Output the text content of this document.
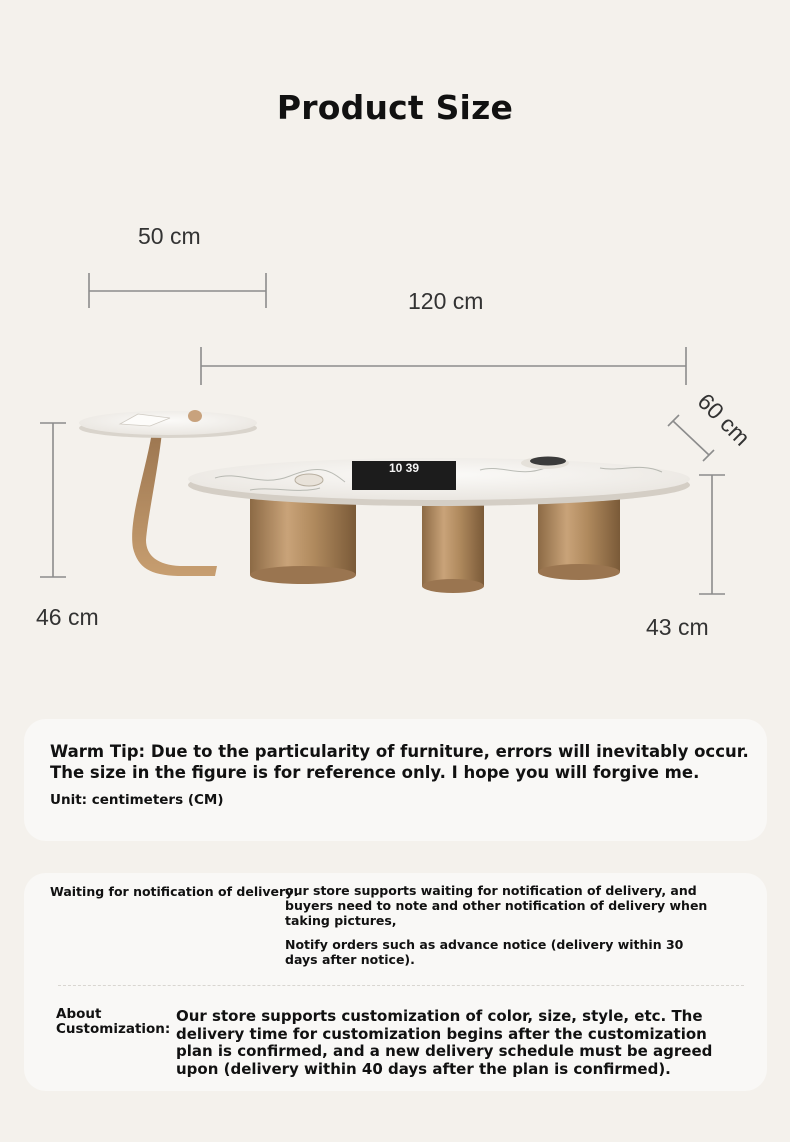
Product Size
10 39
50 cm
120 cm
60 cm
46 cm	43 cm
Warm Tip: Due to the particularity of furniture, errors will inevitably occur. The size in the figure is for reference only. I hope you will forgive me.
Unit: centimeters (CM)
Waiting for notification of delivery:
our store supports waiting for notification of delivery, and buyers need to note and other notification of delivery when taking pictures,
Notify orders such as advance notice (delivery within 30 days after notice).
About Customization:
Our store supports customization of color, size, style, etc. The delivery time for customization begins after the customization plan is confirmed, and a new delivery schedule must be agreed upon (delivery within 40 days after the plan is confirmed).
